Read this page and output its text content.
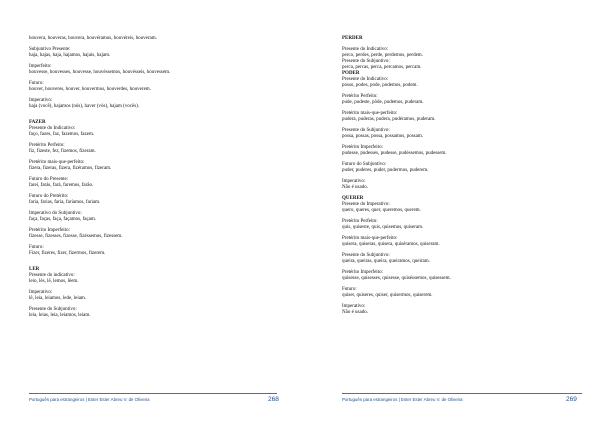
houvera, houveras, houvera, houvéramos, houvéreis, houveram.
Subjuntivo Presente:
haja, hajas, haja, hajamos, hajais, hajam.
Imperfeito:
houvesse, houvesses, houvesse, houvéssemos, houvésseis, houvessem.
Futuro:
houver, houveres, houver, houvermos, houverdes, houverem.
Imperativo:
haja (você), hajamos (nós), haver (vós), hajam (vocês).
FAZER
Presente do Indicativo:
faço, fazes, faz, fazemos, fazem.
Pretérito Perfeito:
fiz, fizeste, fez, fizemos, fizeram.
Pretérito mais-que-perfeito:
fizera, fizeras, fizera, fizéramos, fizeram.
Futuro do Presente:
farei, farás, fará, faremos, farão.
Futuro do Pretérito:
faria, farias, faria, faríamos, fariam.
Imperativo do Subjuntivo:
faça, faças, faça, façamos, façam.
Pretérito Imperfeito:
fizesse, fizesses, fizesse, fizéssemos, fizessem.
Futuro:
Fizer, fizeres, fizer, fizermos, fizerem.
LER
Presente do indicativo:
leio, lês, lê, lemos, lêem.
Imperativo:
lê, leia, leiamos, lede, leiam.
Presente do Subjuntivo:
leia, leias, leia, leiamos, leiam.
Português para estrangeiros | Ester Ester Abreu V. de Oliveira	268
PERDER
Presente do Indicativo:
perco, perdes, perde, perdemos, perdem.
Presente do Subjuntivo:
perca, percas, perca, percamos, percam.
PODER
Presente do Indicativo:
posso, podes, pode, podemos, podem.
Pretérito Perfeito:
pude, pudeste, pôde, pudemos, puderam.
Pretérito mais-que-perfeito:
pudera, puderas, pudera, pudéramos, puderam.
Presente do Subjuntivo:
possa, possas, possa, possamos, possam.
Pretérito Imperfeito:
pudesse, pudesses, pudesse, pudéssemos, pudessem.
Futuro do Subjuntivo:
puder, puderes, puder, pudermos, puderem.
Imperativo:
Não é usado.
QUERER
Presente do Imperativo:
quero, queres, quer, queremos, querem.
Pretérito Perfeito:
quis, quiseste, quis, quisemos, quiseram.
Pretérito mais-que-perfeito:
quisera, quiseras, quisera, quiséramos, quiseram.
Presente do Subjuntivo:
queira, queiras, queira, queiramos, queiram.
Pretérito Imperfeito:
quisesse, quisesses, quisesse, quiséssemos, quisessem.
Futuro:
quiser, quiseres, quiser, quisermos, quiserem.
Imperativo:
Não é usado.
Português para estrangeiros | Ester Ester Abreu V. de Oliveira	269
